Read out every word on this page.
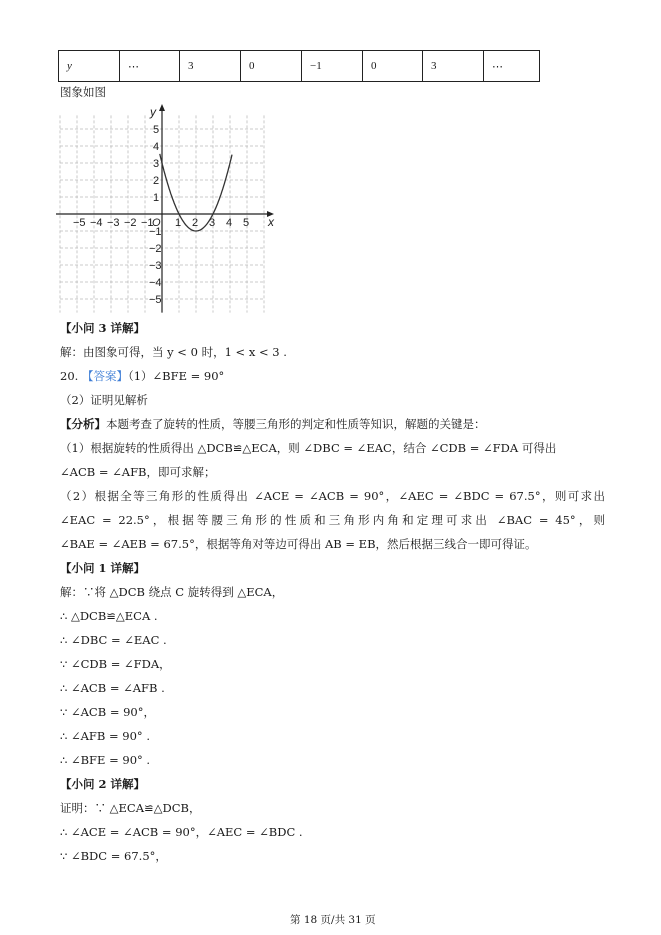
y	⋯	3	0	−1	0	3	⋯
图象如图
−5 −4 −3 −2 −1 1 2 3 4 5
5
4
3
2
1
−1
−2
−3
−4
−5
O	x
y
【小问 3 详解】
解：由图象可得，当 y < 0 时，1 < x < 3 .
20. 【答案】（1）∠BFE = 90°
（2）证明见解析
【分析】本题考查了旋转的性质，等腰三角形的判定和性质等知识，解题的关键是：
（1）根据旋转的性质得出 △DCB≌△ECA，则 ∠DBC = ∠EAC，结合 ∠CDB = ∠FDA 可得出
∠ACB = ∠AFB，即可求解；
（2）根据全等三角形的性质得出 ∠ACE = ∠ACB = 90°，∠AEC = ∠BDC = 67.5°，则可求出
∠EAC = 22.5°，根据等腰三角形的性质和三角形内角和定理可求出 ∠BAC = 45°，则
∠BAE = ∠AEB = 67.5°，根据等角对等边可得出 AB = EB，然后根据三线合一即可得证。
【小问 1 详解】
解：∵将 △DCB 绕点 C 旋转得到 △ECA，
∴ △DCB≌△ECA .
∴ ∠DBC = ∠EAC .
∵ ∠CDB = ∠FDA，
∴ ∠ACB = ∠AFB .
∵ ∠ACB = 90°，
∴ ∠AFB = 90° .
∴ ∠BFE = 90° .
【小问 2 详解】
证明：∵ △ECA≌△DCB，
∴ ∠ACE = ∠ACB = 90°，∠AEC = ∠BDC .
∵ ∠BDC = 67.5°，
第 18 页/共 31 页
